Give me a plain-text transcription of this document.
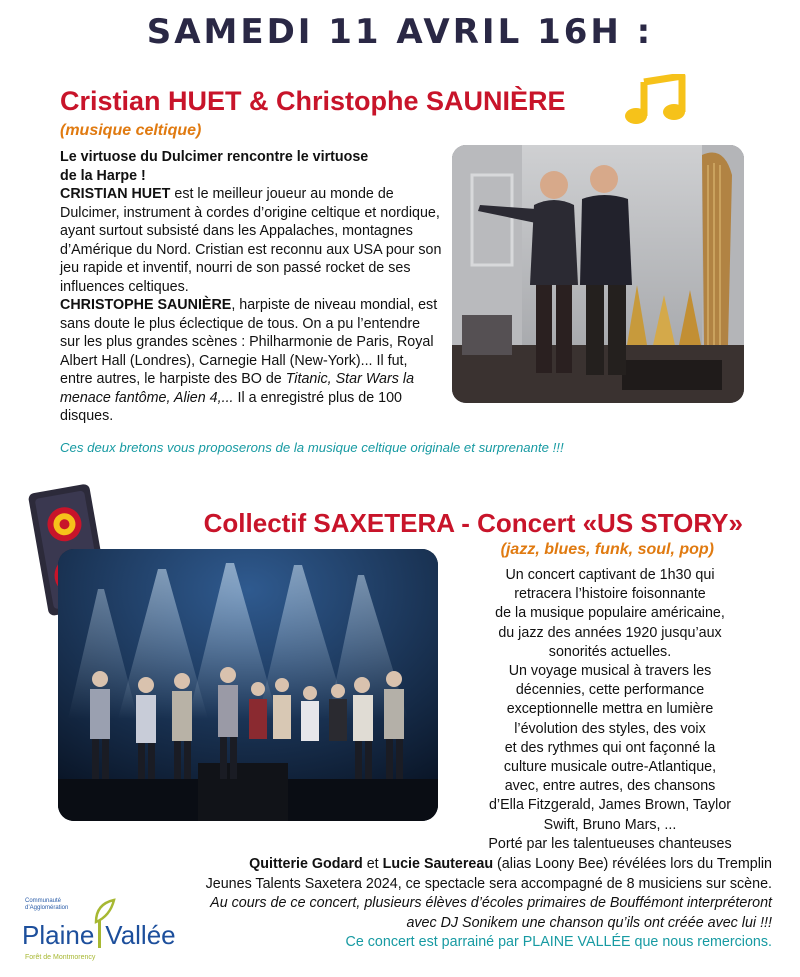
SAMEDI 11 AVRIL 16H :
Cristian HUET & Christophe SAUNIÈRE
(musique celtique)

Le virtuose du Dulcimer rencontre le virtuose

de la Harpe !

CRISTIAN HUET est le meilleur joueur au monde de Dulcimer, instrument à cordes d’origine celtique et nordique, ayant surtout subsisté dans les Appalaches, montagnes d’Amérique du Nord. Cristian est reconnu aux USA pour son jeu rapide et inventif, nourri de son passé rocket de ses influences celtiques.

CHRISTOPHE SAUNIÈRE, harpiste de niveau mondial, est sans doute le plus éclectique de tous. On a pu l’entendre sur les plus grandes scènes : Philharmonie de Paris, Royal Albert Hall (Londres), Carnegie Hall (New-York)... Il fut, entre autres, le harpiste des BO de Titanic, Star Wars la menace fantôme, Alien 4,... Il a enregistré plus de 100 disques.

Ces deux bretons vous proposerons de la musique celtique originale et surprenante !!!
Collectif SAXETERA - Concert «US STORY»
(jazz, blues, funk, soul, pop)

Un concert captivant de 1h30 qui

retracera l’histoire foisonnante

de la musique populaire américaine,

du jazz des années 1920 jusqu’aux

sonorités actuelles.

Un voyage musical à travers les

décennies, cette performance

exceptionnelle mettra en lumière

l’évolution des styles, des voix

et des rythmes qui ont façonné la

culture musicale outre-Atlantique,

avec, entre autres, des chansons

d’Ella Fitzgerald, James Brown, Taylor

Swift, Bruno Mars, ...

Porté par les talentueuses chanteuses

Quitterie Godard et Lucie Sautereau (alias Loony Bee) révélées lors du Tremplin

Jeunes Talents Saxetera 2024, ce spectacle sera accompagné de 8 musiciens sur scène.

Au cours de ce concert, plusieurs élèves d’écoles primaires de Bouffémont interpréteront

avec DJ Sonikem une chanson qu’ils ont créée avec lui !!!

Ce concert est parrainé par PLAINE VALLÉE que nous remercions.

Communauté
d’Agglomération
Plaine Vallée
Forêt de Montmorency
